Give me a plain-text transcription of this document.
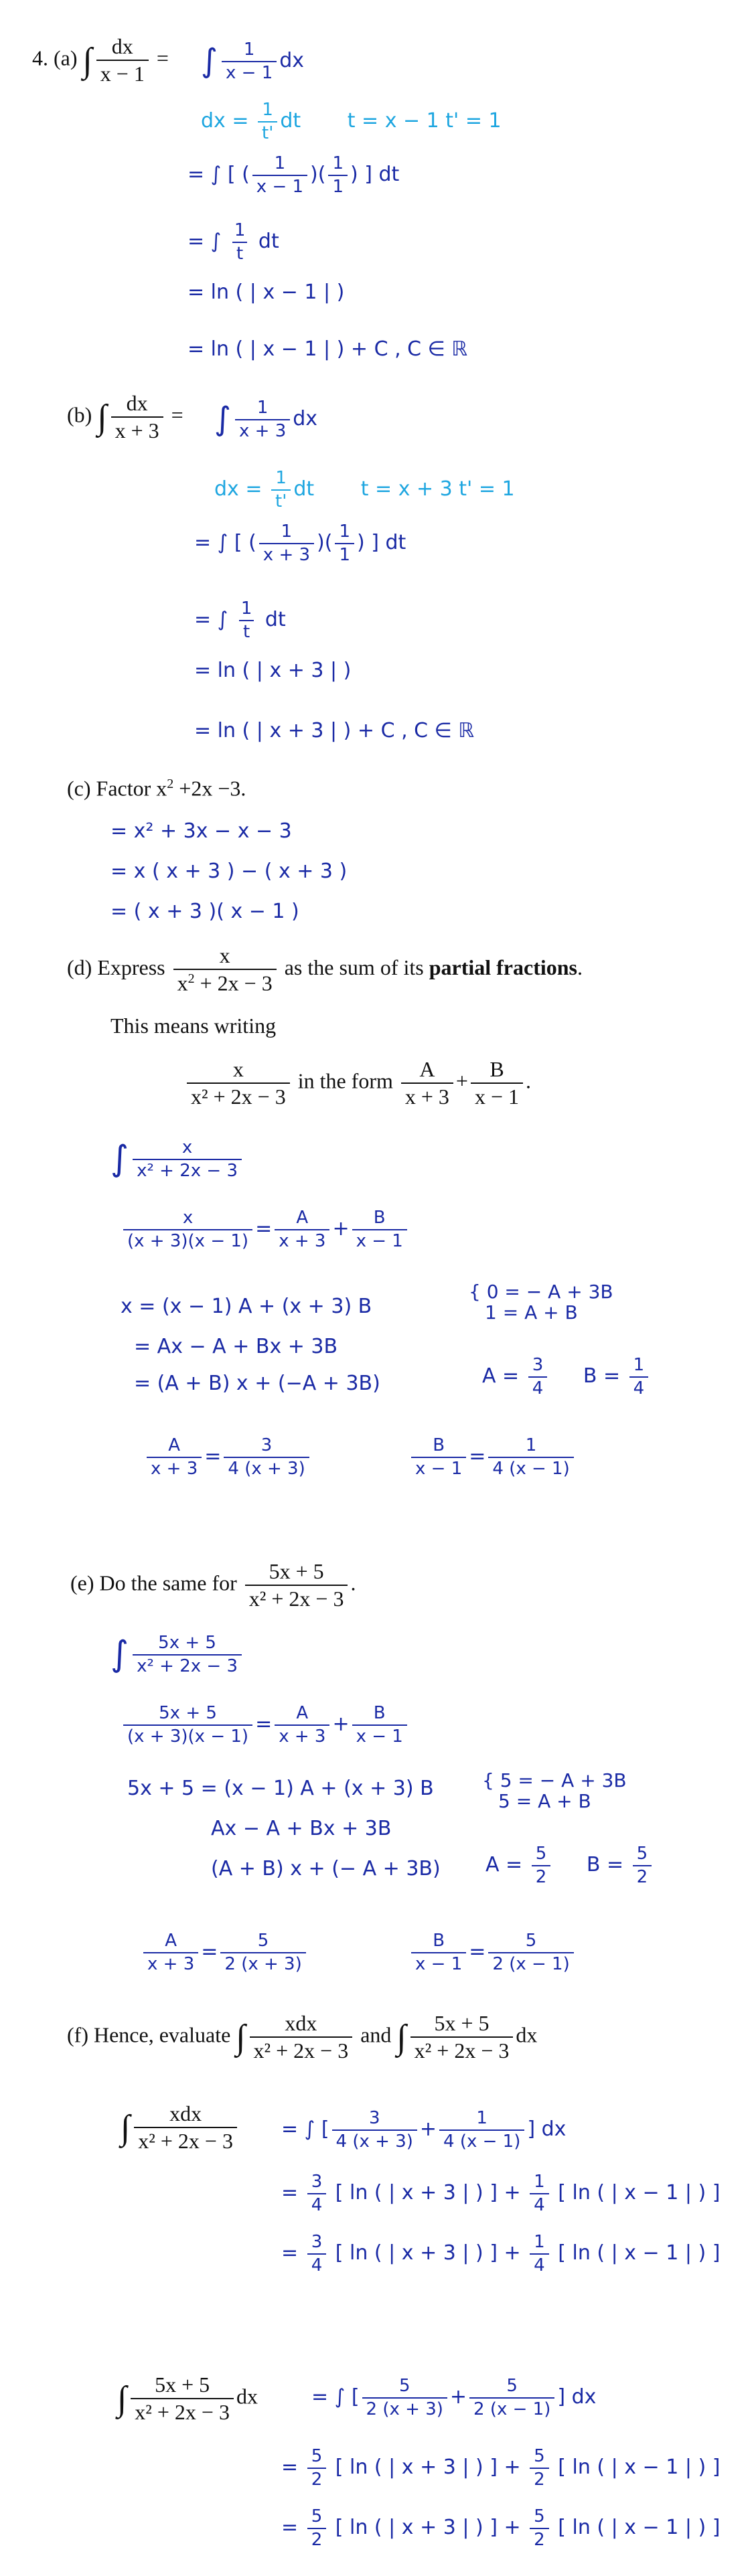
4. (a) ∫ $\frac{dx}{x - 1}$ = ∫ $\frac{1}{x - 1}$ dx
dx = $\frac{1}{t'}$ dt t = x − 1 t' = 1
= ∫ [ ( $\frac{1}{x - 1}$ )( $\frac{1}{1}$ ) ] dt
= ∫ $\frac{1}{t}$ dt
= ln ( | x − 1 | )
= ln ( | x − 1 | ) + C , C ∈ ℝ
(b) ∫ $\frac{dx}{x + 3}$ = ∫ $\frac{1}{x + 3}$ dx
dx = $\frac{1}{t'}$ dt t = x + 3 t' = 1
= ∫ [ ( $\frac{1}{x + 3}$ )( $\frac{1}{1}$ ) ] dt
= ∫ $\frac{1}{t}$ dt
= ln ( | x + 3 | )
= ln ( | x + 3 | ) + C , C ∈ ℝ
(c) Factor $x^2 +2x -3$.
= x² + 3x − x − 3
= x ( x + 3 ) − ( x + 3 )
= ( x + 3 )( x − 1 )
(d) Express $\frac{x}{x^2 + 2x - 3}$ as the sum of its partial fractions.
This means writing
$\frac{x}{\text{x² + 2x − 3}}$ in the form $\frac{A}{x + 3} + \frac{B}{x - 1}$ .
∫ $\frac{x}{\text{x² + 2x − 3}}$
$\frac{x}{(x + 3)(x - 1)} = \frac{A}{x + 3} + \frac{B}{x - 1}$
x = (x − 1) A + (x + 3) B
= Ax − A + Bx + 3B
= (A + B) x + (−A + 3B)
{ 0 = − A + 3B
1 = A + B
$A = \frac{3}{4}$ $B = \frac{1}{4}$
$\frac{A}{x + 3} = \frac{3}{4 (x + 3)}$	$\frac{B}{x - 1} = \frac{1}{4 (x - 1)}$
(e) Do the same for $\frac{5x + 5}{\text{x² + 2x − 3}}$ .
∫ $\frac{5x + 5}{\text{x² + 2x − 3}}$
$\frac{5x + 5}{(x + 3)(x - 1)} = \frac{A}{x + 3} + \frac{B}{x - 1}$
5x + 5 = (x − 1) A + (x + 3) B
Ax − A + Bx + 3B
(A + B) x + (− A + 3B)
{ 5 = − A + 3B
5 = A + B
$A = \frac{5}{2}$ $B = \frac{5}{2}$
$\frac{A}{x + 3} = \frac{5}{2 (x + 3)}$	$\frac{B}{x - 1} = \frac{5}{2 (x - 1)}$
(f) Hence, evaluate ∫ $\frac{\text{xdx}}{\text{x² + 2x − 3}}$ and ∫ $\frac{5x + 5}{\text{x² + 2x − 3}}$ dx
∫ $\frac{\text{xdx}}{\text{x² + 2x − 3}}$ = ∫ [ $\frac{3}{4 (x + 3)} + \frac{1}{4 (x - 1)}$ ] dx
= $\frac{3}{4}$ [ ln ( | x + 3 | ) ] + $\frac{1}{4}$ [ ln ( | x − 1 | ) ]
= $\frac{3}{4}$ [ ln ( | x + 3 | ) ] + $\frac{1}{4}$ [ ln ( | x − 1 | ) ]
∫ $\frac{5x + 5}{\text{x² + 2x − 3}}$ dx	= ∫ [ $\frac{5}{2 (x + 3)} + \frac{5}{2 (x - 1)}$ ] dx
= $\frac{5}{2}$ [ ln ( | x + 3 | ) ] + $\frac{5}{2}$ [ ln ( | x − 1 | ) ]
= $\frac{5}{2}$ [ ln ( | x + 3 | ) ] + $\frac{5}{2}$ [ ln ( | x − 1 | ) ]
